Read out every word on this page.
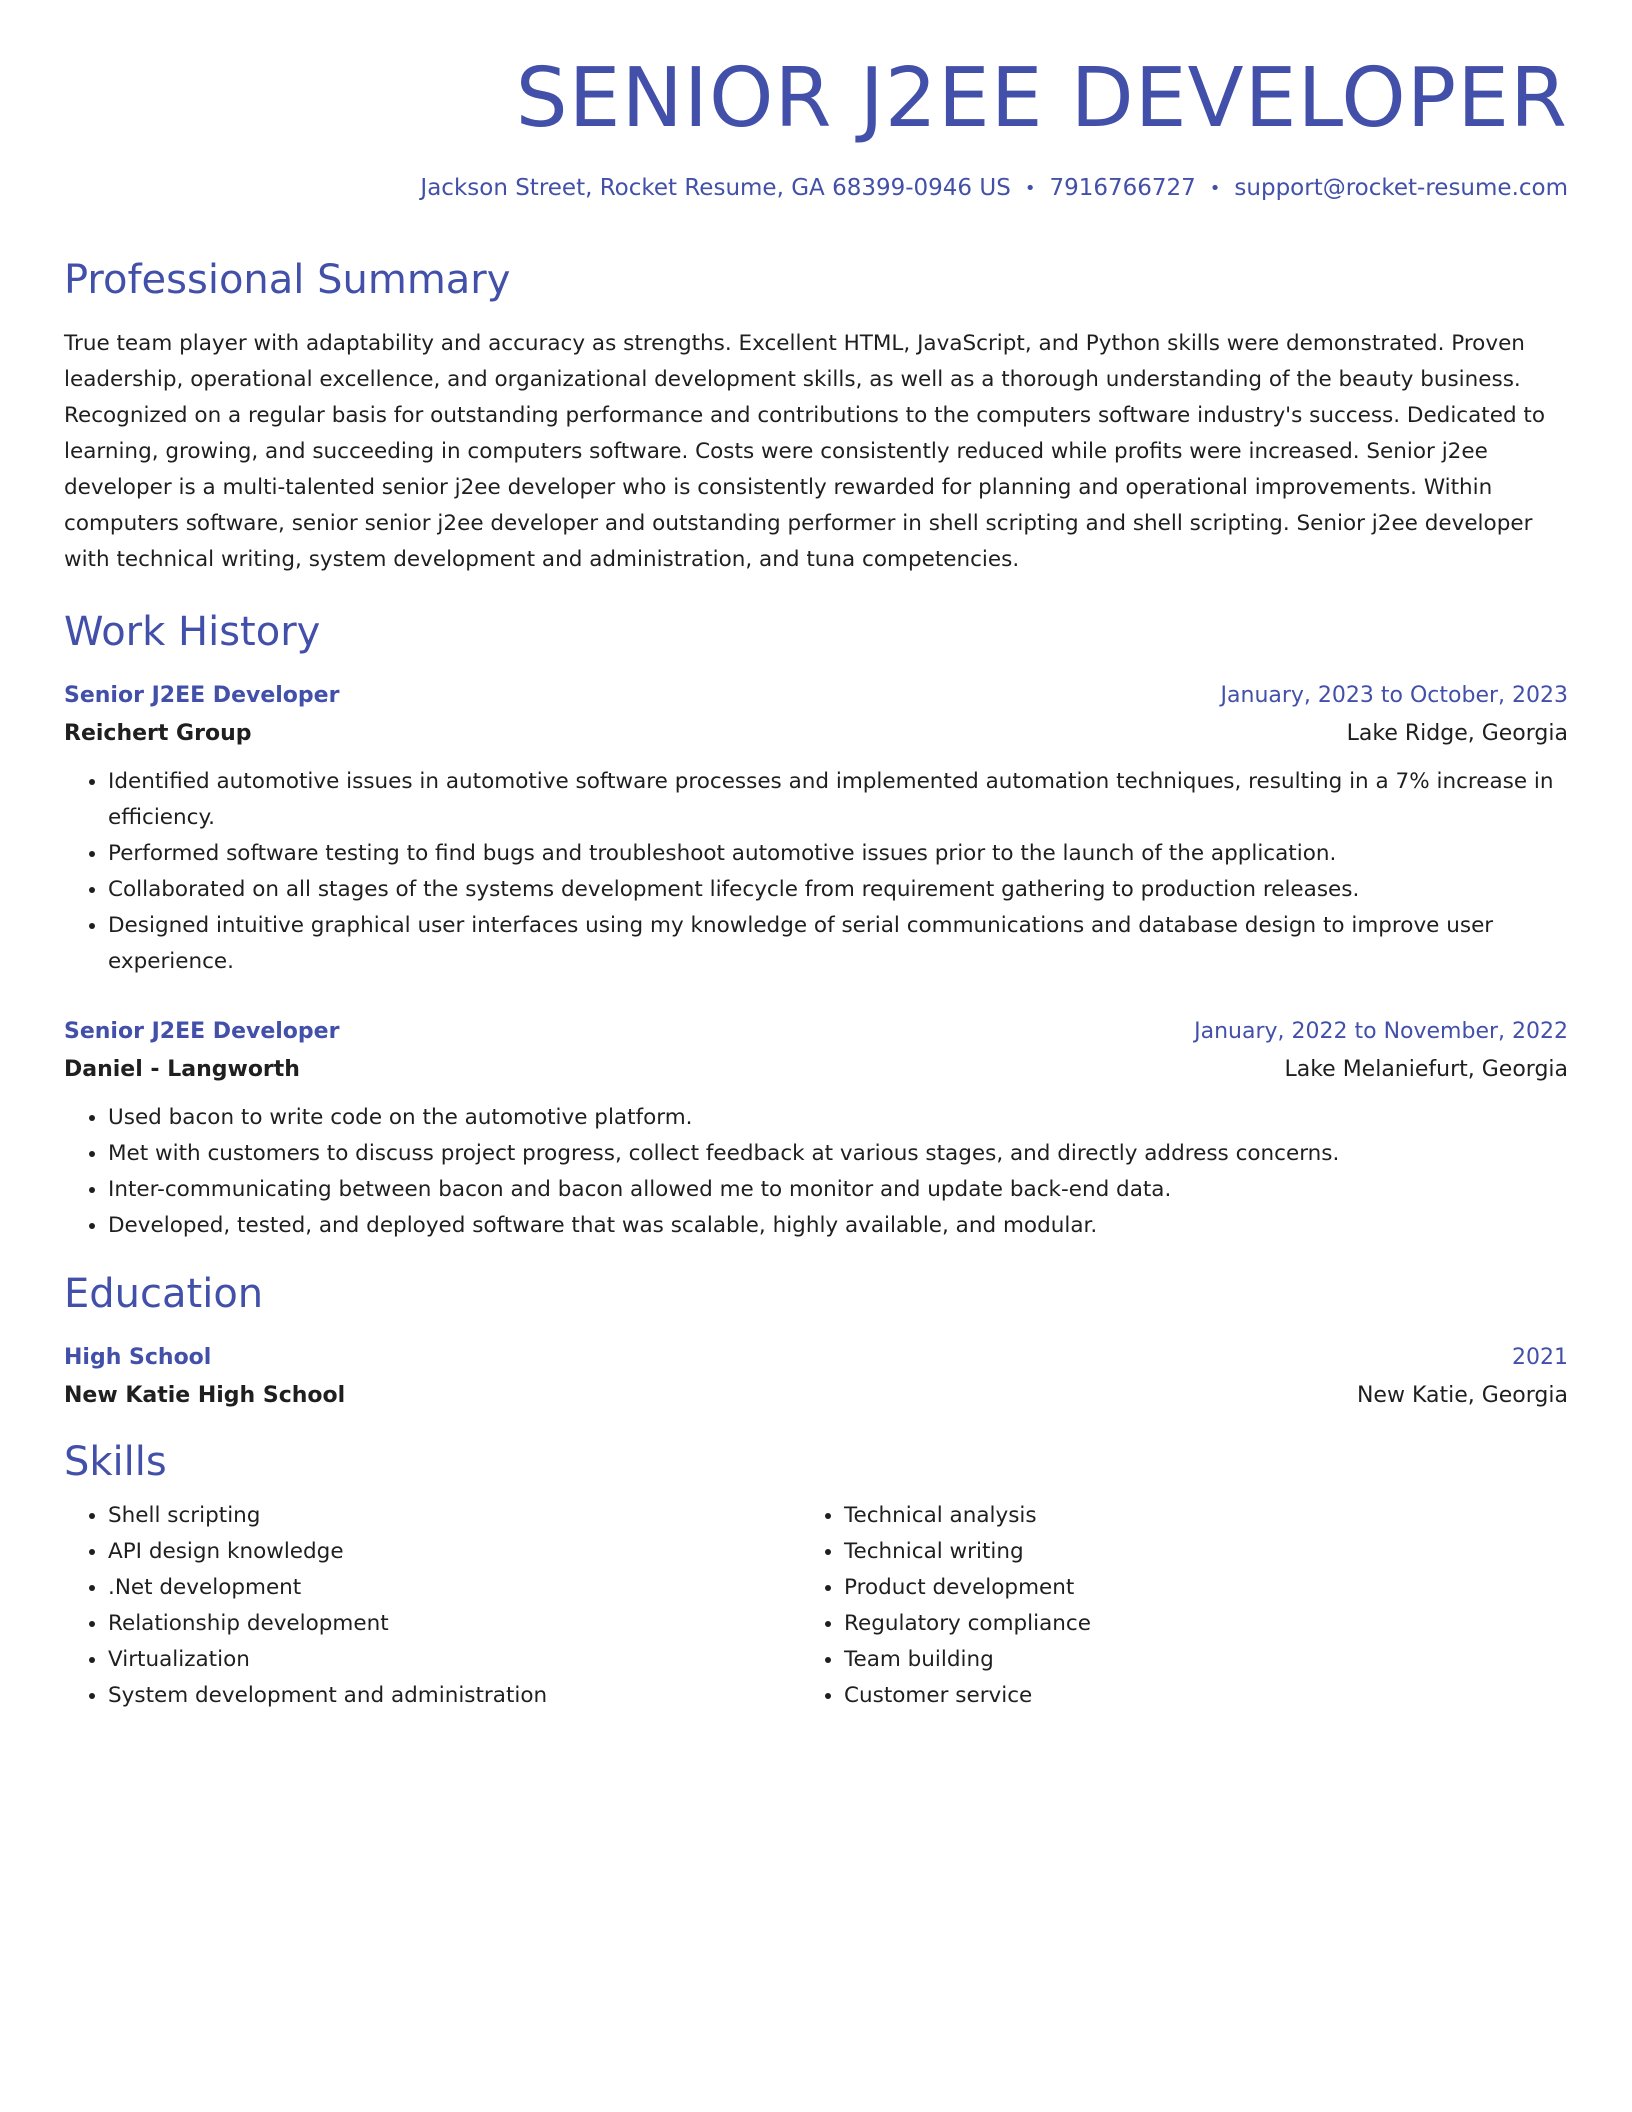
SENIOR J2EE DEVELOPER
Jackson Street, Rocket Resume, GA 68399-0946 US • 7916766727 • support@rocket-resume.com
Professional Summary
True team player with adaptability and accuracy as strengths. Excellent HTML, JavaScript, and Python skills were demonstrated. Proven leadership, operational excellence, and organizational development skills, as well as a thorough understanding of the beauty business. Recognized on a regular basis for outstanding performance and contributions to the computers software industry's success. Dedicated to learning, growing, and succeeding in computers software. Costs were consistently reduced while profits were increased. Senior j2ee developer is a multi-talented senior j2ee developer who is consistently rewarded for planning and operational improvements. Within computers software, senior senior j2ee developer and outstanding performer in shell scripting and shell scripting. Senior j2ee developer with technical writing, system development and administration, and tuna competencies.
Work History
Senior J2EE Developer	January, 2023 to October, 2023
Reichert Group	Lake Ridge, Georgia
• Identified automotive issues in automotive software processes and implemented automation techniques, resulting in a 7% increase in efficiency.
• Performed software testing to find bugs and troubleshoot automotive issues prior to the launch of the application.
• Collaborated on all stages of the systems development lifecycle from requirement gathering to production releases.
• Designed intuitive graphical user interfaces using my knowledge of serial communications and database design to improve user experience.
Senior J2EE Developer	January, 2022 to November, 2022
Daniel - Langworth	Lake Melaniefurt, Georgia
• Used bacon to write code on the automotive platform.
• Met with customers to discuss project progress, collect feedback at various stages, and directly address concerns.
• Inter-communicating between bacon and bacon allowed me to monitor and update back-end data.
• Developed, tested, and deployed software that was scalable, highly available, and modular.
Education
High School	2021
New Katie High School	New Katie, Georgia
Skills
• Shell scripting
• API design knowledge
• .Net development
• Relationship development
• Virtualization
• System development and administration
• Technical analysis
• Technical writing
• Product development
• Regulatory compliance
• Team building
• Customer service
